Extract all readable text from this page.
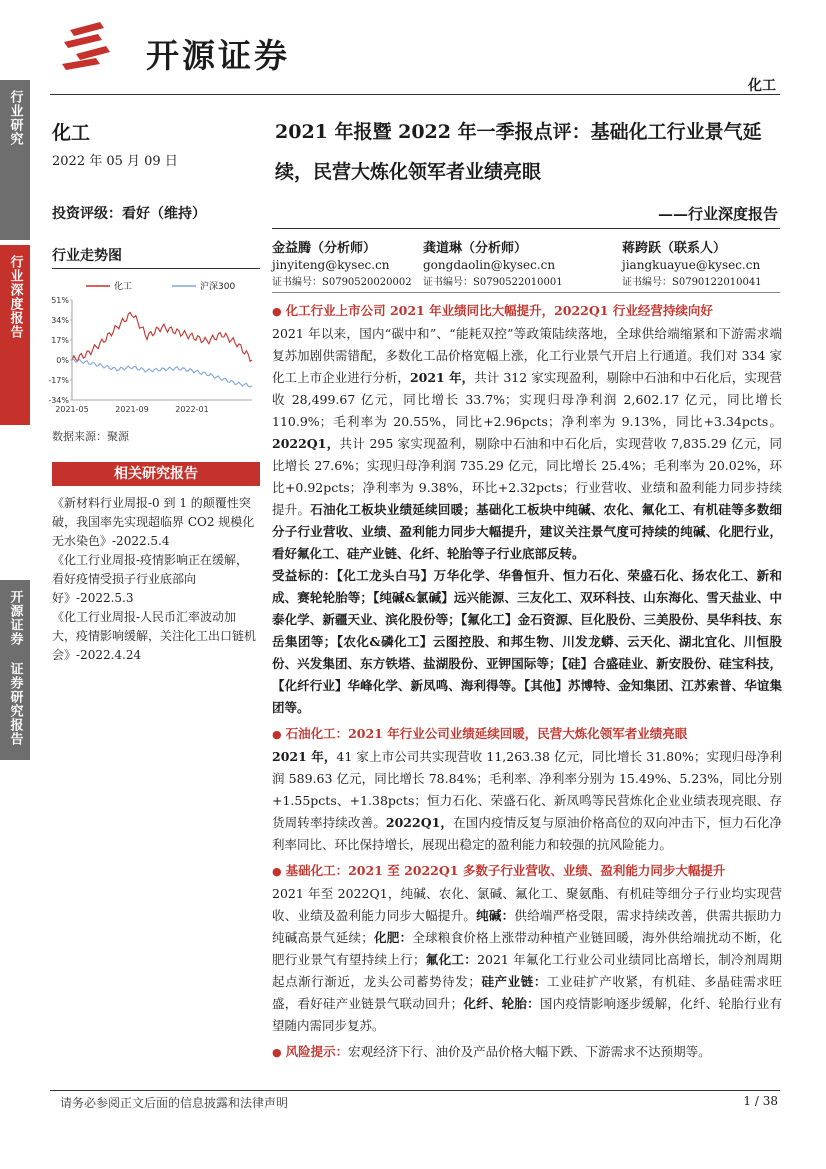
开源证券
化工
行业研究
行业深度报告
开源证券 证券研究报告
化工
2022 年 05 月 09 日
投资评级：看好（维持）
行业走势图
51%
34%
17%
0%
-17%
-34%
2021-05	2021-09	2022-01
化工	沪深300
数据来源：聚源
相关研究报告

《新材料行业周报-0 到 1 的颠覆性突破，我国率先实现超临界 CO2 规模化无水染色》-2022.5.4

《化工行业周报-疫情影响正在缓解，看好疫情受损子行业底部向好》-2022.5.3

《化工行业周报-人民币汇率波动加大，疫情影响缓解，关注化工出口链机会》-2022.4.24

2021 年报暨 2022 年一季报点评：基础化工行业景气延续，民营大炼化领军者业绩亮眼
——行业深度报告
金益腾（分析师）
jinyiteng@kysec.cn
证书编号：S0790520020002
龚道琳（分析师）
gongdaolin@kysec.cn
证书编号：S0790522010001
蒋跨跃（联系人）
jiangkuayue@kysec.cn
证书编号：S0790122010041

● 化工行业上市公司 2021 年业绩同比大幅提升，2022Q1 行业经营持续向好

2021 年以来，国内“碳中和”、“能耗双控”等政策陆续落地，全球供给端缩紧和下游需求端复苏加剧供需错配，多数化工品价格宽幅上涨，化工行业景气开启上行通道。我们对 334 家化工上市企业进行分析，2021 年，共计 312 家实现盈利，剔除中石油和中石化后，实现营收 28,499.67 亿元，同比增长 33.7%；实现归母净利润 2,602.17 亿元，同比增长 110.9%；毛利率为 20.55%，同比+2.96pcts；净利率为 9.13%，同比+3.34pcts。2022Q1，共计 295 家实现盈利，剔除中石油和中石化后，实现营收 7,835.29 亿元，同比增长 27.6%；实现归母净利润 735.29 亿元，同比增长 25.4%；毛利率为 20.02%，环比+0.92pcts；净利率为 9.38%，环比+2.32pcts；行业营收、业绩和盈利能力同步持续提升。石油化工板块业绩延续回暖；基础化工板块中纯碱、农化、氟化工、有机硅等多数细分子行业营收、业绩、盈利能力同步大幅提升，建议关注景气度可持续的纯碱、化肥行业，看好氟化工、硅产业链、化纤、轮胎等子行业底部反转。

受益标的：【化工龙头白马】万华化学、华鲁恒升、恒力石化、荣盛石化、扬农化工、新和成、赛轮轮胎等；【纯碱&氯碱】远兴能源、三友化工、双环科技、山东海化、雪天盐业、中泰化学、新疆天业、滨化股份等；【氟化工】金石资源、巨化股份、三美股份、昊华科技、东岳集团等；【农化&磷化工】云图控股、和邦生物、川发龙蟒、云天化、湖北宜化、川恒股份、兴发集团、东方铁塔、盐湖股份、亚钾国际等；【硅】合盛硅业、新安股份、硅宝科技，【化纤行业】华峰化学、新凤鸣、海利得等。【其他】苏博特、金知集团、江苏索普、华谊集团等。

● 石油化工：2021 年行业公司业绩延续回暖，民营大炼化领军者业绩亮眼

2021 年，41 家上市公司共实现营收 11,263.38 亿元，同比增长 31.80%；实现归母净利润 589.63 亿元，同比增长 78.84%；毛利率、净利率分别为 15.49%、5.23%，同比分别+1.55pcts、+1.38pcts；恒力石化、荣盛石化、新凤鸣等民营炼化企业业绩表现亮眼、存货周转率持续改善。2022Q1，在国内疫情反复与原油价格高位的双向冲击下，恒力石化净利率同比、环比保持增长，展现出稳定的盈利能力和较强的抗风险能力。

● 基础化工：2021 至 2022Q1 多数子行业营收、业绩、盈利能力同步大幅提升

2021 年至 2022Q1，纯碱、农化、氯碱、氟化工、聚氨酯、有机硅等细分子行业均实现营收、业绩及盈利能力同步大幅提升。纯碱：供给端严格受限，需求持续改善，供需共振助力纯碱高景气延续；化肥：全球粮食价格上涨带动种植产业链回暖，海外供给端扰动不断，化肥行业景气有望持续上行；氟化工：2021 年氟化工行业公司业绩同比高增长，制冷剂周期起点渐行渐近，龙头公司蓄势待发；硅产业链：工业硅扩产收紧，有机硅、多晶硅需求旺盛，看好硅产业链景气联动回升；化纤、轮胎：国内疫情影响逐步缓解，化纤、轮胎行业有望随内需同步复苏。

● 风险提示：宏观经济下行、油价及产品价格大幅下跌、下游需求不达预期等。

请务必参阅正文后面的信息披露和法律声明	1 / 38
